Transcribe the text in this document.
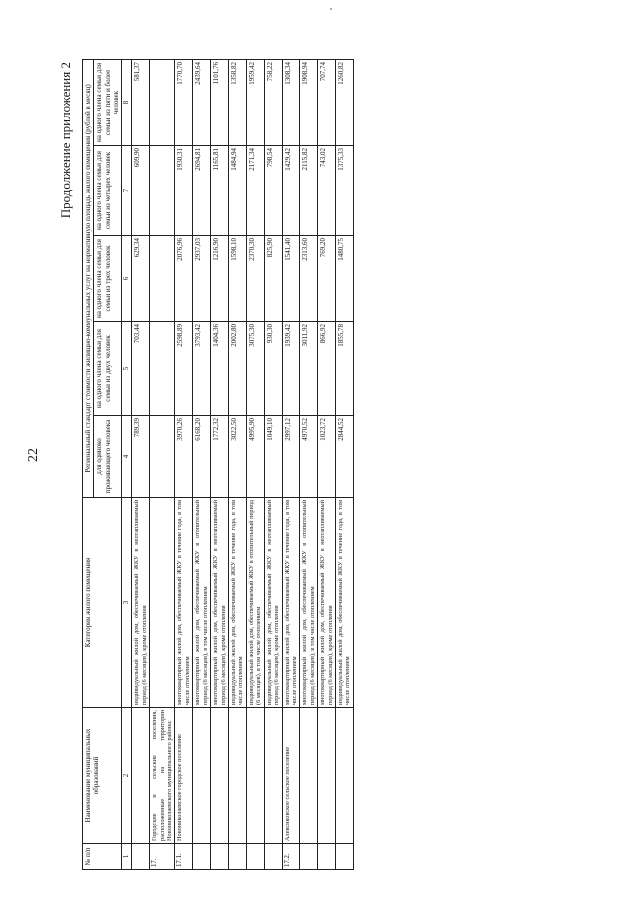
22
Продолжение приложения 2
№ п/п	Наименование муниципальных образований	Категория жилого помещения	Региональный стандарт стоимости жилищно-коммунальных услуг на нормативную площадь жилого помещения (рублей в месяц)				
			для одиноко проживающего человека	на одного члена семьи для семьи из двух человек	на одного члена семьи для семьи из трех человек	на одного члена семьи для семьи из четырех человек	на одного члена семьи для семьи из пяти и более человек
1	2	3	4	5	6	7	8
		индивидуальный жилой дом, обеспечиваемый ЖКУ в неотапливаемый период (6 месяцев), кроме отопления	789,39	703,44	629,34	609,90	581,37
17.	Городские и сельские поселения, расположенные на территории Новониколаевского муниципального района:						
17.1.	Новониколаевское городское поселение	многоквартирный жилой дом, обеспечиваемый ЖКУ в течение года, в том числе отоплением	3970,26	2598,89	2076,96	1930,31	1770,70
		многоквартирный жилой дом, обеспечиваемый ЖКУ в отопительный период (6 месяцев), в том числе отоплением	6168,20	3793,42	2937,03	2694,81	2439,64
		многоквартирный жилой дом, обеспечиваемый ЖКУ в неотапливаемый период (6 месяцев), кроме отопления	1772,32	1404,36	1216,90	1165,81	1101,76
		индивидуальный жилой дом, обеспечиваемый ЖКУ в течение года, в том числе отоплением	3022,50	2002,80	1598,10	1484,94	1358,82
		индивидуальный жилой дом, обеспечиваемый ЖКУ в отопительный период (6 месяцев), в том числе отоплением	4995,90	3075,30	2370,30	2171,34	1959,42
		индивидуальный жилой дом, обеспечиваемый ЖКУ в неотапливаемый период (6 месяцев), кроме отопления	1049,10	930,30	825,90	798,54	758,22
17.2.	Алексиковское сельское поселение	многоквартирный жилой дом, обеспечиваемый ЖКУ в течение года, в том числе отоплением	2997,12	1939,42	1541,40	1429,42	1308,34
		многоквартирный жилой дом, обеспечиваемый ЖКУ в отопительный период (6 месяцев), в том числе отоплением	4970,52	3011,92	2313,60	2115,82	1908,94
		многоквартирный жилой дом, обеспечиваемый ЖКУ в неотапливаемый период (6 месяцев), кроме отопления	1023,72	866,92	769,20	743,02	707,74
		индивидуальный жилой дом, обеспечиваемый ЖКУ в течение года, в том числе отоплением	2844,52	1855,78	1480,75	1375,33	1260,82
